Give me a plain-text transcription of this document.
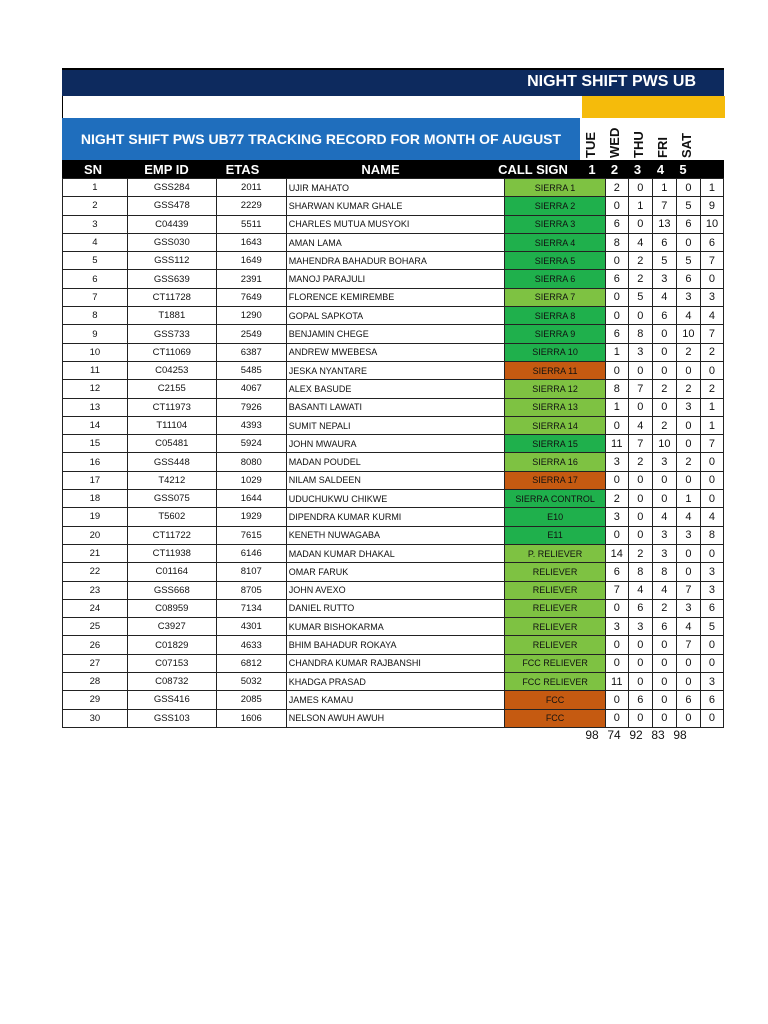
NIGHT SHIFT PWS UB
NIGHT SHIFT PWS UB77 TRACKING RECORD FOR MONTH OF AUGUST	TUE WED THU FRI SAT
SN	EMP ID	ETAS	NAME	CALL SIGN	1	2	3	4	5
1	GSS284	2011	UJIR MAHATO	SIERRA 1	2	0	1	0	1
2	GSS478	2229	SHARWAN KUMAR GHALE	SIERRA 2	0	1	7	5	9
3	C04439	5511	CHARLES MUTUA MUSYOKI	SIERRA 3	6	0	13	6	10
4	GSS030	1643	AMAN LAMA	SIERRA 4	8	4	6	0	6
5	GSS112	1649	MAHENDRA BAHADUR BOHARA	SIERRA 5	0	2	5	5	7
6	GSS639	2391	MANOJ PARAJULI	SIERRA 6	6	2	3	6	0
7	CT11728	7649	FLORENCE KEMIREMBE	SIERRA 7	0	5	4	3	3
8	T1881	1290	GOPAL SAPKOTA	SIERRA 8	0	0	6	4	4
9	GSS733	2549	BENJAMIN CHEGE	SIERRA 9	6	8	0	10	7
10	CT11069	6387	ANDREW MWEBESA	SIERRA 10	1	3	0	2	2
11	C04253	5485	JESKA NYANTARE	SIERRA 11	0	0	0	0	0
12	C2155	4067	ALEX BASUDE	SIERRA 12	8	7	2	2	2
13	CT11973	7926	BASANTI LAWATI	SIERRA 13	1	0	0	3	1
14	T11104	4393	SUMIT NEPALI	SIERRA 14	0	4	2	0	1
15	C05481	5924	JOHN MWAURA	SIERRA 15	11	7	10	0	7
16	GSS448	8080	MADAN POUDEL	SIERRA 16	3	2	3	2	0
17	T4212	1029	NILAM SALDEEN	SIERRA 17	0	0	0	0	0
18	GSS075	1644	UDUCHUKWU CHIKWE	SIERRA CONTROL	2	0	0	1	0
19	T5602	1929	DIPENDRA KUMAR KURMI	E10	3	0	4	4	4
20	CT11722	7615	KENETH NUWAGABA	E11	0	0	3	3	8
21	CT11938	6146	MADAN KUMAR DHAKAL	P. RELIEVER	14	2	3	0	0
22	C01164	8107	OMAR FARUK	RELIEVER	6	8	8	0	3
23	GSS668	8705	JOHN AVEXO	RELIEVER	7	4	4	7	3
24	C08959	7134	DANIEL RUTTO	RELIEVER	0	6	2	3	6
25	C3927	4301	KUMAR BISHOKARMA	RELIEVER	3	3	6	4	5
26	C01829	4633	BHIM BAHADUR ROKAYA	RELIEVER	0	0	0	7	0
27	C07153	6812	CHANDRA KUMAR RAJBANSHI	FCC RELIEVER	0	0	0	0	0
28	C08732	5032	KHADGA PRASAD	FCC RELIEVER	11	0	0	0	3
29	GSS416	2085	JAMES KAMAU	FCC	0	6	0	6	6
30	GSS103	1606	NELSON AWUH AWUH	FCC	0	0	0	0	0
98 74 92 83 98
